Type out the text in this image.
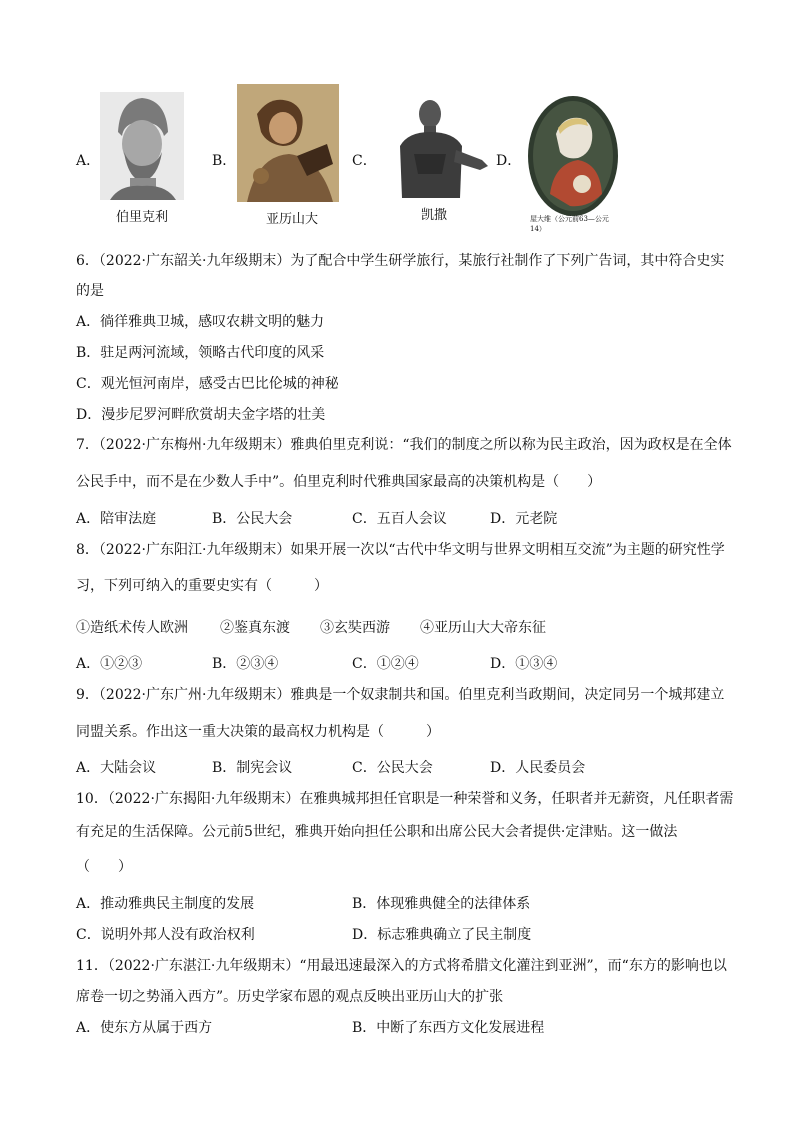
A．
伯里克利
B．
亚历山大
C．
凯撒
D．
屋大维（公元前63—公元14）
6．（2022·广东韶关·九年级期末）为了配合中学生研学旅行，某旅行社制作了下列广告词，其中符合史实
的是
A．徜徉雅典卫城，感叹农耕文明的魅力
B．驻足两河流域，领略古代印度的风采
C．观光恒河南岸，感受古巴比伦城的神秘
D．漫步尼罗河畔欣赏胡夫金字塔的壮美
7．（2022·广东梅州·九年级期末）雅典伯里克利说：“我们的制度之所以称为民主政治，因为政权是在全体
公民手中，而不是在少数人手中”。伯里克利时代雅典国家最高的决策机构是（　　）
A．陪审法庭	B．公民大会	C．五百人会议	D．元老院
8．（2022·广东阳江·九年级期末）如果开展一次以“古代中华文明与世界文明相互交流”为主题的研究性学
习，下列可纳入的重要史实有（　　　）
①造纸术传人欧洲 ②鉴真东渡 ③玄奘西游 ④亚历山大大帝东征
A．①②③	B．②③④	C．①②④	D．①③④
9．（2022·广东广州·九年级期末）雅典是一个奴隶制共和国。伯里克利当政期间，决定同另一个城邦建立
同盟关系。作出这一重大决策的最高权力机构是（　　　）
A．大陆会议	B．制宪会议	C．公民大会	D．人民委员会
10．（2022·广东揭阳·九年级期末）在雅典城邦担任官职是一种荣誉和义务，任职者并无薪资，凡任职者需
有充足的生活保障。公元前5世纪，雅典开始向担任公职和出席公民大会者提供·定津贴。这一做法
（　　）
A．推动雅典民主制度的发展	B．体现雅典健全的法律体系
C．说明外邦人没有政治权利	D．标志雅典确立了民主制度
11．（2022·广东湛江·九年级期末）“用最迅速最深入的方式将希腊文化灌注到亚洲”，而“东方的影响也以
席卷一切之势涌入西方”。历史学家布恩的观点反映出亚历山大的扩张
A．使东方从属于西方	B．中断了东西方文化发展进程
